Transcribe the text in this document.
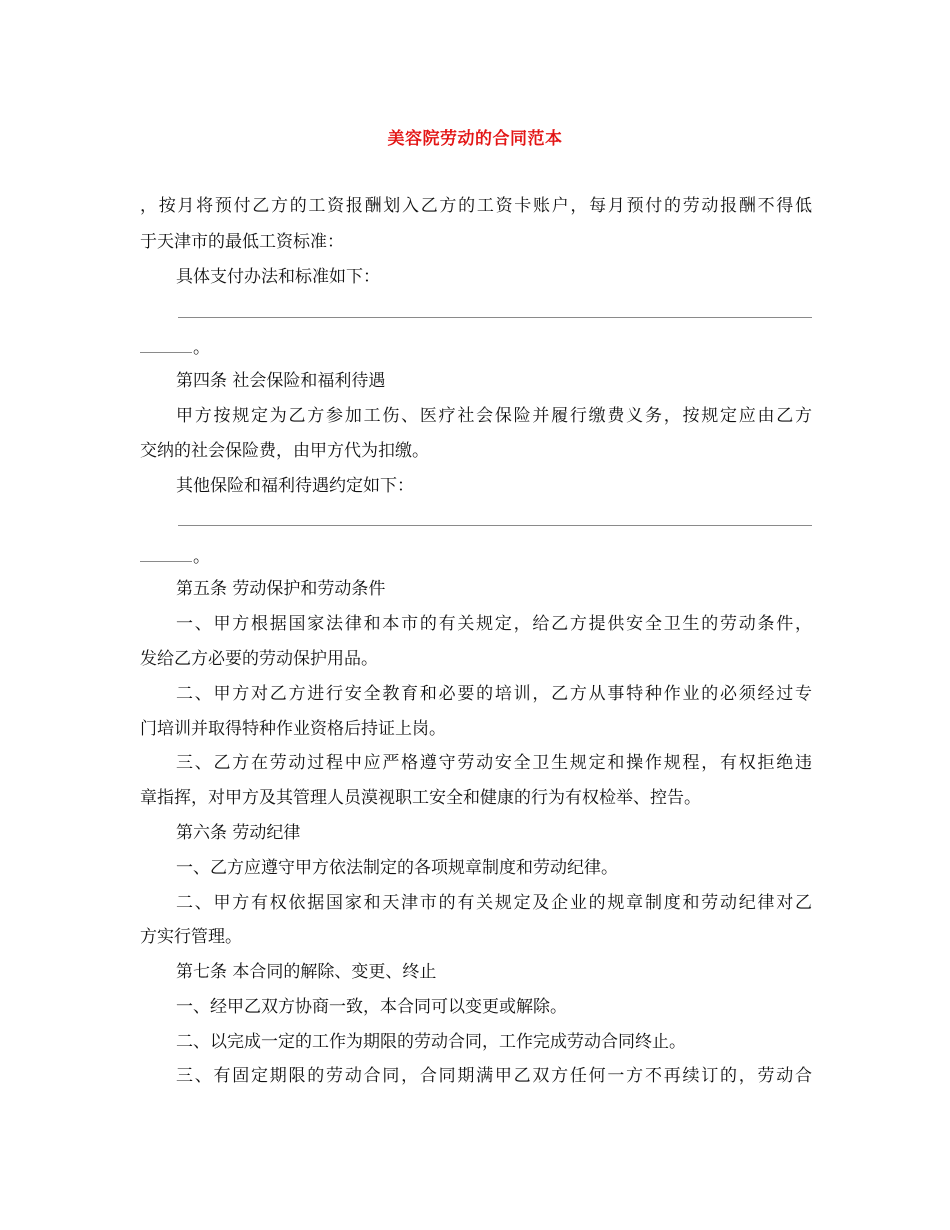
美容院劳动的合同范本
，按月将预付乙方的工资报酬划入乙方的工资卡账户，每月预付的劳动报酬不得低
于天津市的最低工资标准：
具体支付办法和标准如下：
。
第四条 社会保险和福利待遇
甲方按规定为乙方参加工伤、医疗社会保险并履行缴费义务，按规定应由乙方
交纳的社会保险费，由甲方代为扣缴。
其他保险和福利待遇约定如下：
。
第五条 劳动保护和劳动条件
一、甲方根据国家法律和本市的有关规定，给乙方提供安全卫生的劳动条件，
发给乙方必要的劳动保护用品。
二、甲方对乙方进行安全教育和必要的培训，乙方从事特种作业的必须经过专
门培训并取得特种作业资格后持证上岗。
三、乙方在劳动过程中应严格遵守劳动安全卫生规定和操作规程，有权拒绝违
章指挥，对甲方及其管理人员漠视职工安全和健康的行为有权检举、控告。
第六条 劳动纪律
一、乙方应遵守甲方依法制定的各项规章制度和劳动纪律。
二、甲方有权依据国家和天津市的有关规定及企业的规章制度和劳动纪律对乙
方实行管理。
第七条 本合同的解除、变更、终止
一、经甲乙双方协商一致，本合同可以变更或解除。
二、以完成一定的工作为期限的劳动合同，工作完成劳动合同终止。
三、有固定期限的劳动合同，合同期满甲乙双方任何一方不再续订的，劳动合
